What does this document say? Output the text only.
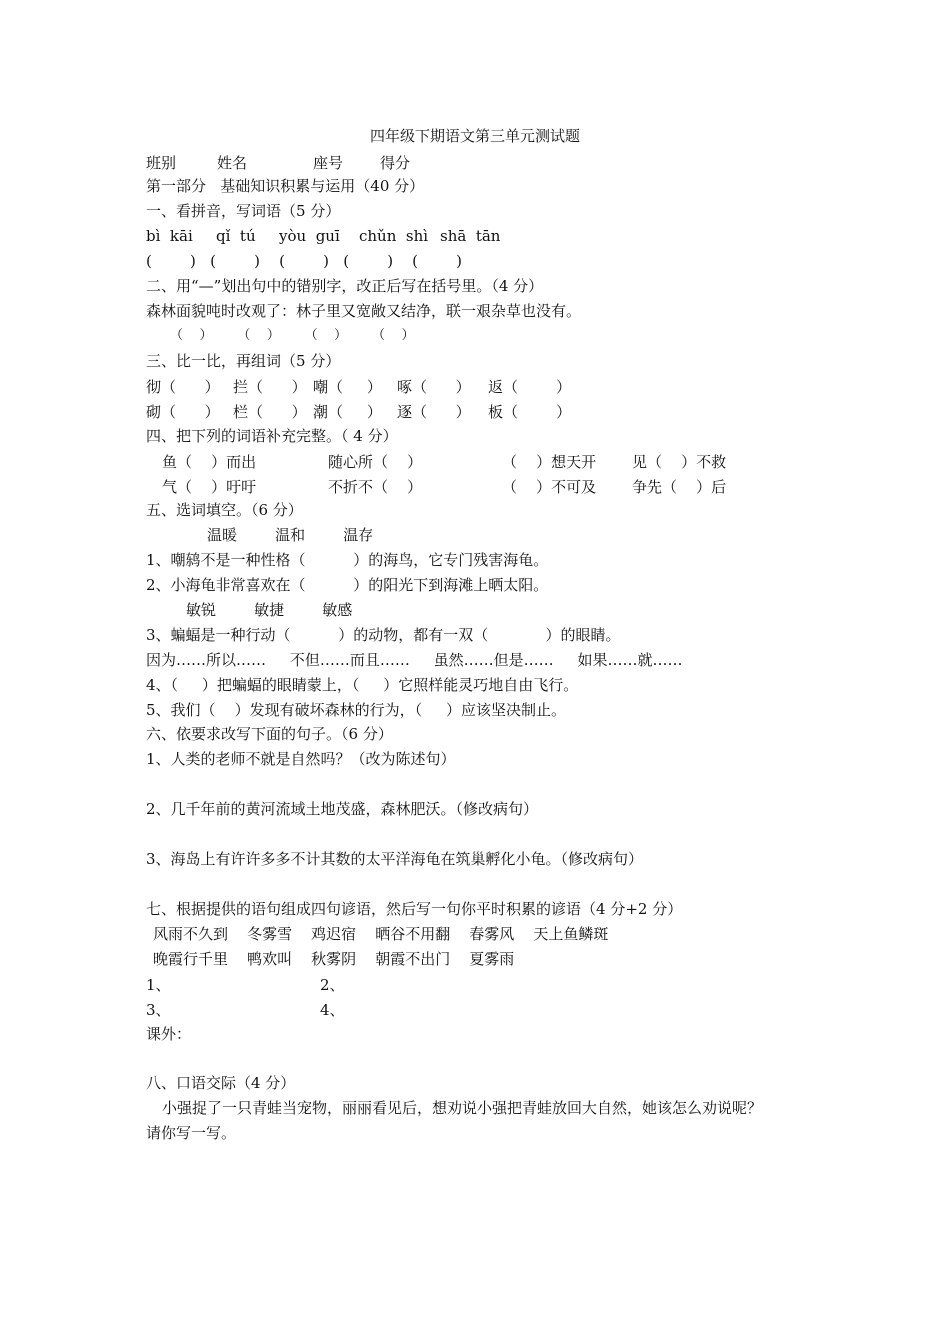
四年级下期语文第三单元测试题
班别	姓名	座号 得分
第一部分   基础知识积累与运用（40 分）
一、看拼音，写词语（5 分）
bì  kāi qǐ  tú yòu  guī chǔn  shì shā  tān
(        )   (        )    (        )   (        )    (        )
二、用“—”划出句中的错别字，改正后写在括号里。（4 分）
森林面貌吨时改观了：林子里又宽敞又结净，联一艰杂草也没有。
（    ）      （    ）      （    ）      （    ）
三、比一比，再组词（5 分）
彻（      ） 拦（      ） 嘲（     ） 啄（      ） 返（        ）
砌（      ） 栏（      ） 潮（     ） 逐（      ） 板（        ）
四、把下列的词语补充完整。（ 4 分）
鱼（    ）而出	随心所（    ）	（    ）想天开 见（    ）不救
气（    ）吁吁	不折不（    ）	（    ）不可及 争先（    ）后
五、选词填空。（6 分）
温暖        温和        温存
1、嘲鸫不是一种性格（          ）的海鸟，它专门残害海龟。
2、小海龟非常喜欢在（          ）的阳光下到海滩上晒太阳。
敏锐        敏捷        敏感
3、蝙蝠是一种行动（          ）的动物，都有一双（            ）的眼睛。
因为……所以……     不但……而且……     虽然……但是……     如果……就……
4、（     ）把蝙蝠的眼睛蒙上，（     ）它照样能灵巧地自由飞行。
5、我们（    ）发现有破坏森林的行为，（     ）应该坚决制止。
六、依要求改写下面的句子。（6 分）
1、人类的老师不就是自然吗？（改为陈述句）
2、几千年前的黄河流域土地茂盛，森林肥沃。（修改病句）
3、海岛上有许许多多不计其数的太平洋海龟在筑巢孵化小龟。（修改病句）
七、根据提供的语句组成四句谚语，然后写一句你平时积累的谚语（4 分+2 分）
风雨不久到    冬雾雪    鸡迟宿    晒谷不用翻    春雾风    天上鱼鳞斑
晚霞行千里    鸭欢叫    秋雾阴    朝霞不出门    夏雾雨
1、	2、
3、	4、
课外：
八、口语交际（4 分）
小强捉了一只青蛙当宠物，丽丽看见后，想劝说小强把青蛙放回大自然，她该怎么劝说呢？
请你写一写。
